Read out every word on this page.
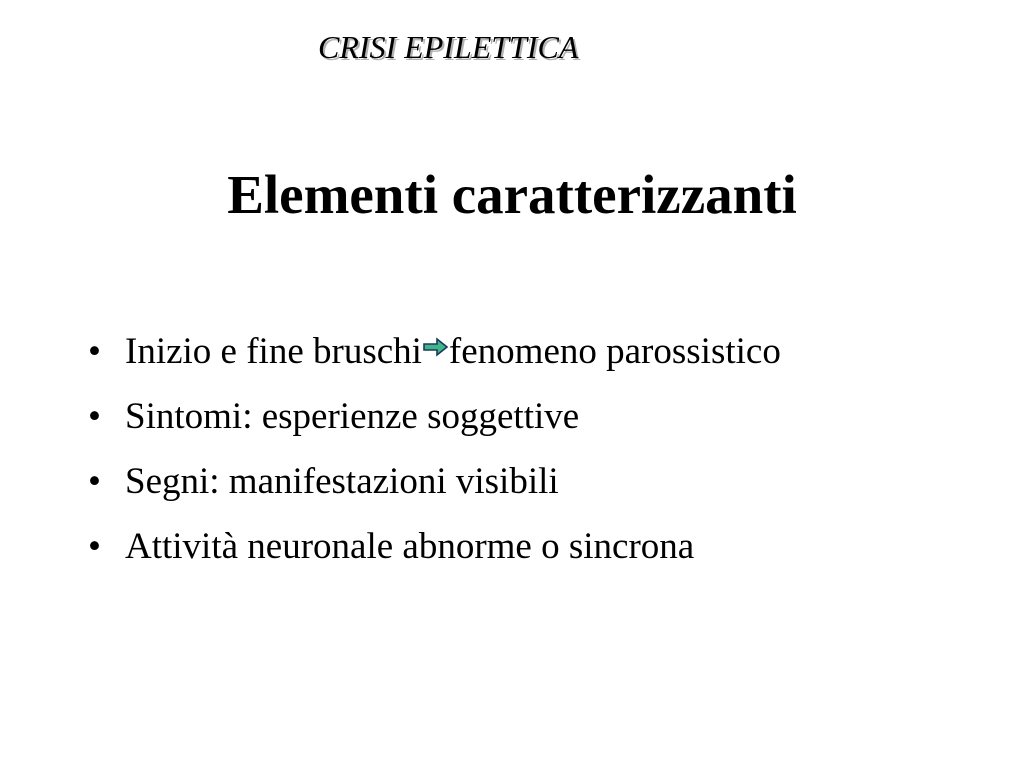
CRISI EPILETTICA
Elementi caratterizzanti
• Inizio e fine bruschi fenomeno parossistico
• Sintomi: esperienze soggettive
• Segni: manifestazioni visibili
• Attività neuronale abnorme o sincrona
